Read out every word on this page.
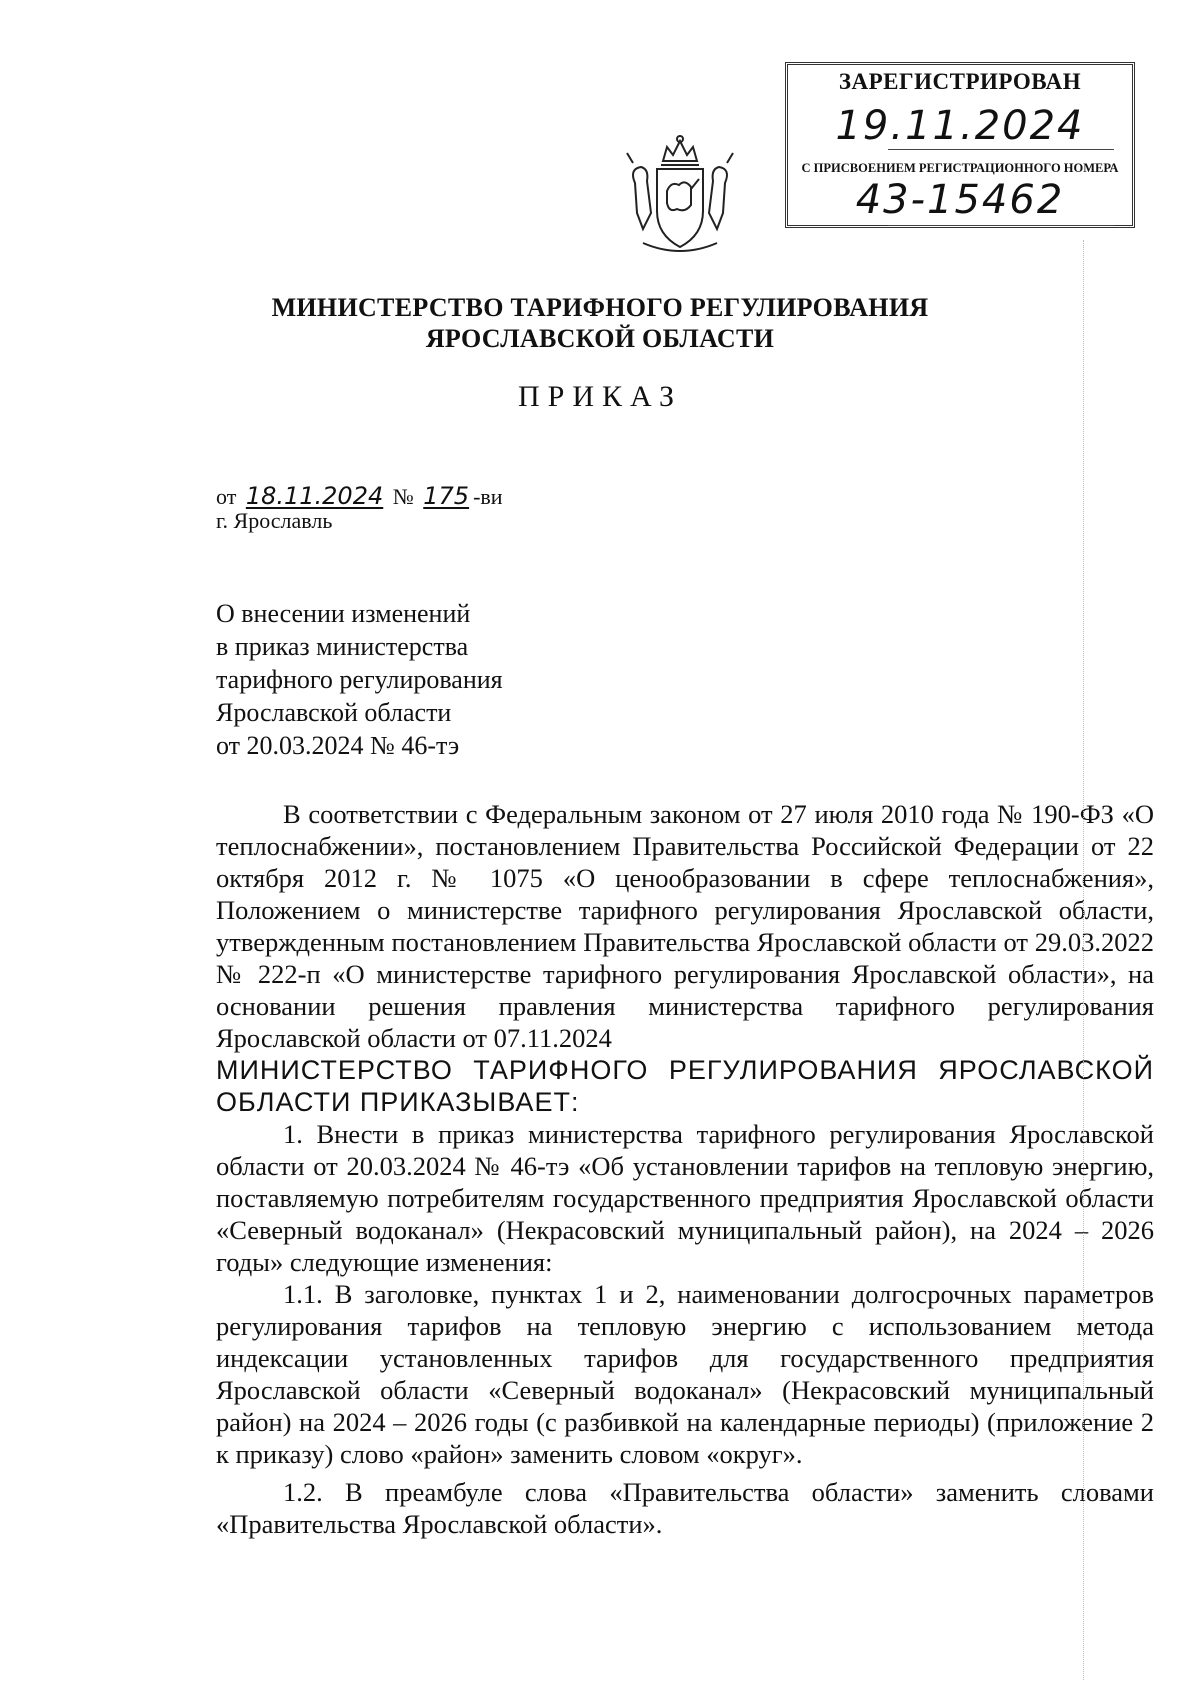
ЗАРЕГИСТРИРОВАН
19.11.2024
С ПРИСВОЕНИЕМ РЕГИСТРАЦИОННОГО НОМЕРА
43-15462
МИНИСТЕРСТВО ТАРИФНОГО РЕГУЛИРОВАНИЯ
ЯРОСЛАВСКОЙ ОБЛАСТИ
ПРИКАЗ
от 18.11.2024 № 175 -ви
г. Ярославль
О внесении изменений
в приказ министерства
тарифного регулирования
Ярославской области
от 20.03.2024 № 46-тэ

В соответствии с Федеральным законом от 27 июля 2010 года № 190-ФЗ «О теплоснабжении», постановлением Правительства Российской Федерации от 22 октября 2012 г. № 1075 «О ценообразовании в сфере теплоснабжения», Положением о министерстве тарифного регулирования Ярославской области, утвержденным постановлением Правительства Ярославской области от 29.03.2022 № 222-п «О министерстве тарифного регулирования Ярославской области», на основании решения правления министерства тарифного регулирования Ярославской области от 07.11.2024

МИНИСТЕРСТВО ТАРИФНОГО РЕГУЛИРОВАНИЯ ЯРОСЛАВСКОЙ ОБЛАСТИ ПРИКАЗЫВАЕТ:

1. Внести в приказ министерства тарифного регулирования Ярославской области от 20.03.2024 № 46-тэ «Об установлении тарифов на тепловую энергию, поставляемую потребителям государственного предприятия Ярославской области «Северный водоканал» (Некрасовский муниципальный район), на 2024 – 2026 годы» следующие изменения:

1.1. В заголовке, пунктах 1 и 2, наименовании долгосрочных параметров регулирования тарифов на тепловую энергию с использованием метода индексации установленных тарифов для государственного предприятия Ярославской области «Северный водоканал» (Некрасовский муниципальный район) на 2024 – 2026 годы (с разбивкой на календарные периоды) (приложение 2 к приказу) слово «район» заменить словом «округ».

1.2. В преамбуле слова «Правительства области» заменить словами «Правительства Ярославской области».
